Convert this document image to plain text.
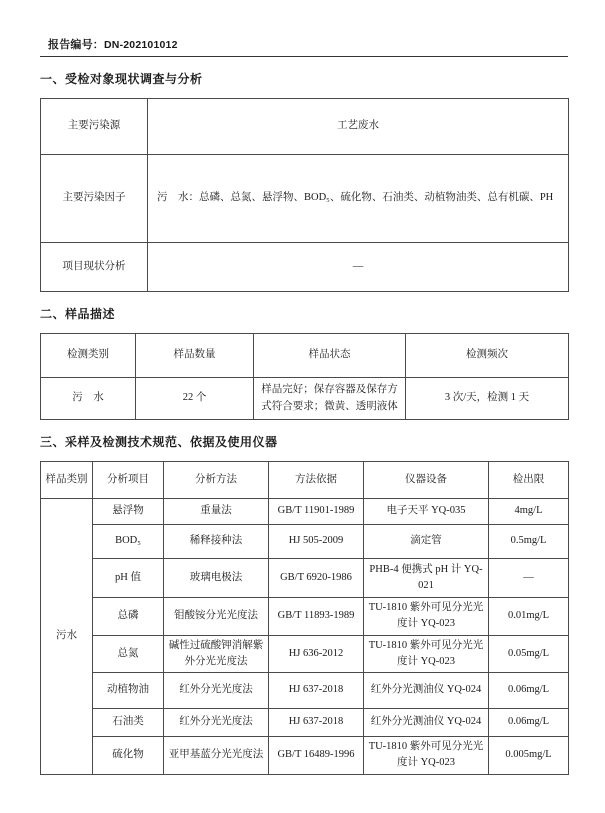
报告编号：DN-202101012
一、受检对象现状调查与分析
主要污染源	工艺废水
主要污染因子	污　水：总磷、总氮、悬浮物、BOD₅、硫化物、石油类、动植物油类、总有机碳、PH
项目现状分析	—
二、样品描述
检测类别	样品数量	样品状态	检测频次
污　水	22 个	样品完好；保存容器及保存方式符合要求；微黄、透明液体	3 次/天，检测 1 天
三、采样及检测技术规范、依据及使用仪器
样品类别	分析项目	分析方法	方法依据	仪器设备	检出限
污水	悬浮物	重量法	GB/T 11901-1989	电子天平 YQ-035	4mg/L
	BOD₅	稀释接种法	HJ 505-2009	滴定管	0.5mg/L
	pH 值	玻璃电极法	GB/T 6920-1986	PHB-4 便携式 pH 计 YQ-021	—
	总磷	钼酸铵分光光度法	GB/T 11893-1989	TU-1810 紫外可见分光光度计 YQ-023	0.01mg/L
	总氮	碱性过硫酸钾消解紫外分光光度法	HJ 636-2012	TU-1810 紫外可见分光光度计 YQ-023	0.05mg/L
	动植物油	红外分光光度法	HJ 637-2018	红外分光测油仪 YQ-024	0.06mg/L
	石油类	红外分光光度法	HJ 637-2018	红外分光测油仪 YQ-024	0.06mg/L
	硫化物	亚甲基蓝分光光度法	GB/T 16489-1996	TU-1810 紫外可见分光光度计 YQ-023	0.005mg/L
